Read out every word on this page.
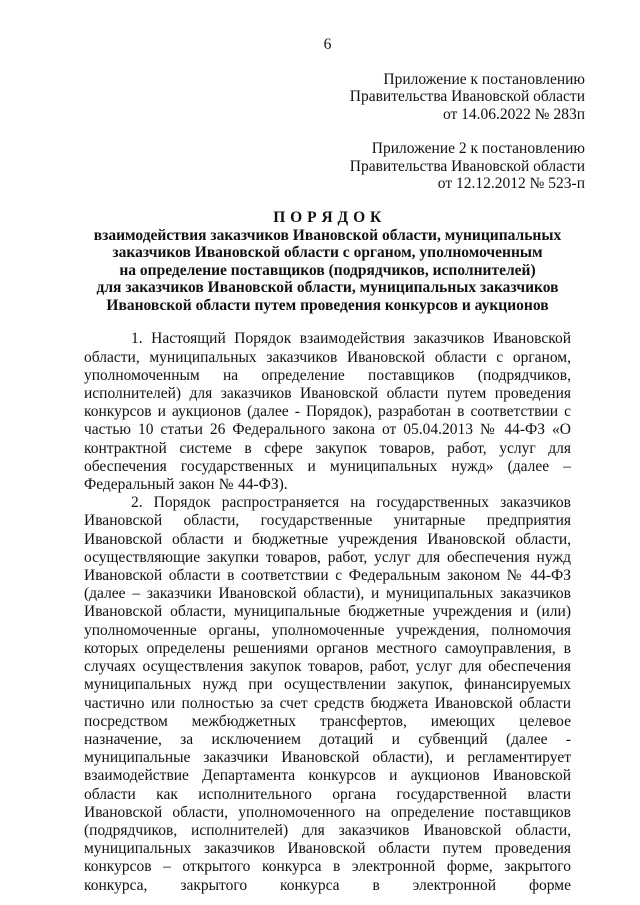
6
Приложение к постановлению
Правительства Ивановской области
от 14.06.2022 № 283п
Приложение 2 к постановлению
Правительства Ивановской области
от 12.12.2012 № 523-п
П О Р Я Д О К
взаимодействия заказчиков Ивановской области, муниципальных
заказчиков Ивановской области с органом, уполномоченным
на определение поставщиков (подрядчиков, исполнителей)
для заказчиков Ивановской области, муниципальных заказчиков
Ивановской области путем проведения конкурсов и аукционов

1. Настоящий Порядок взаимодействия заказчиков Ивановской области, муниципальных заказчиков Ивановской области с органом, уполномоченным на определение поставщиков (подрядчиков, исполнителей) для заказчиков Ивановской области путем проведения конкурсов и аукционов (далее - Порядок), разработан в соответствии с частью 10 статьи 26 Федерального закона от 05.04.2013 № 44-ФЗ «О контрактной системе в сфере закупок товаров, работ, услуг для обеспечения государственных и муниципальных нужд» (далее – Федеральный закон № 44-ФЗ).

2. Порядок распространяется на государственных заказчиков Ивановской области, государственные унитарные предприятия Ивановской области и бюджетные учреждения Ивановской области, осуществляющие закупки товаров, работ, услуг для обеспечения нужд Ивановской области в соответствии с Федеральным законом № 44-ФЗ (далее – заказчики Ивановской области), и муниципальных заказчиков Ивановской области, муниципальные бюджетные учреждения и (или) уполномоченные органы, уполномоченные учреждения, полномочия которых определены решениями органов местного самоуправления, в случаях осуществления закупок товаров, работ, услуг для обеспечения муниципальных нужд при осуществлении закупок, финансируемых частично или полностью за счет средств бюджета Ивановской области посредством межбюджетных трансфертов, имеющих целевое назначение, за исключением дотаций и субвенций (далее - муниципальные заказчики Ивановской области), и регламентирует взаимодействие Департамента конкурсов и аукционов Ивановской области как исполнительного органа государственной власти Ивановской области, уполномоченного на определение поставщиков (подрядчиков, исполнителей) для заказчиков Ивановской области, муниципальных заказчиков Ивановской области путем проведения конкурсов – открытого конкурса в электронной форме, закрытого конкурса, закрытого конкурса в электронной форме
